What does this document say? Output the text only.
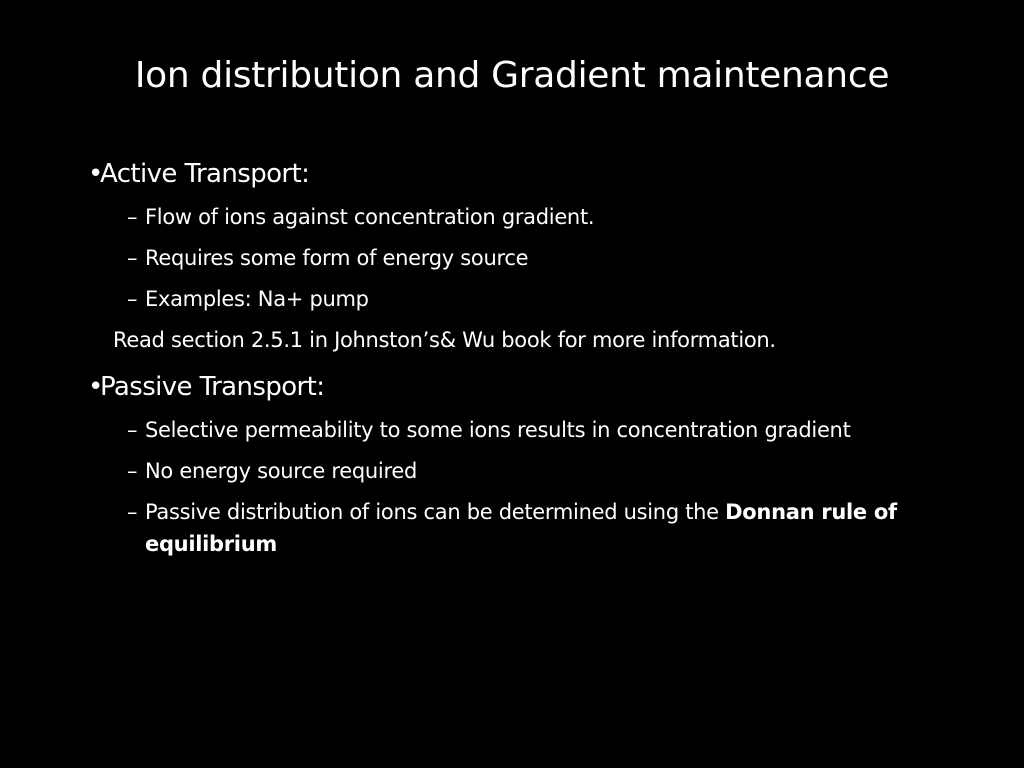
Ion distribution and Gradient maintenance
•
Active Transport:
– Flow of ions against concentration gradient.
– Requires some form of energy source
– Examples: Na+ pump
Read section 2.5.1 in Johnston’s& Wu book for more information.
•
Passive Transport:
– Selective permeability to some ions results in concentration gradient
– No energy source required
– Passive distribution of ions can be determined using the Donnan rule of equilibrium
